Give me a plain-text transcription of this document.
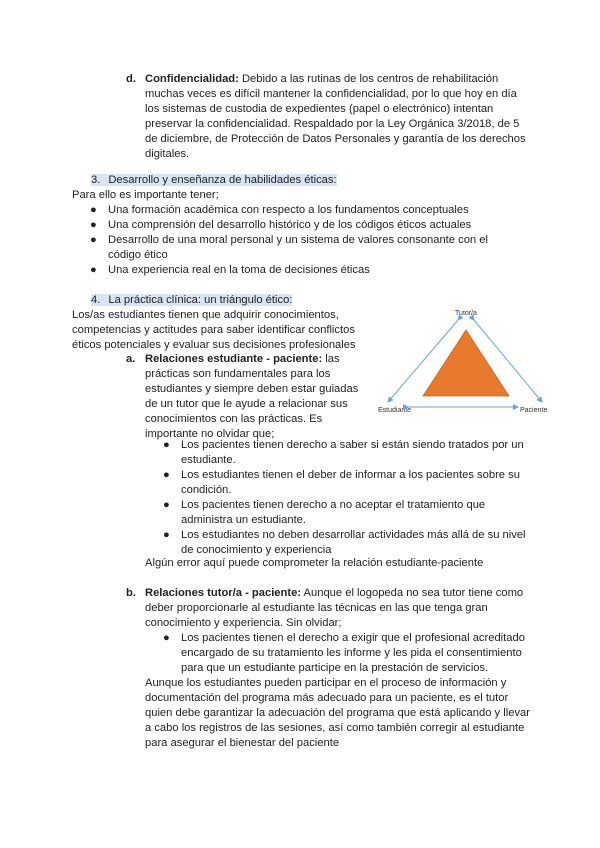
d. Confidencialidad: Debido a las rutinas de los centros de rehabilitación muchas veces es difícil mantener la confidencialidad, por lo que hoy en día los sistemas de custodia de expedientes (papel o electrónico) intentan preservar la confidencialidad. Respaldado por la Ley Orgánica 3/2018, de 5 de diciembre, de Protección de Datos Personales y garantía de los derechos digitales.

3. Desarrollo y enseñanza de habilidades éticas:
Para ello es importante tener;
● Una formación académica con respecto a los fundamentos conceptuales
● Una comprensión del desarrollo histórico y de los códigos éticos actuales
● Desarrollo de una moral personal y un sistema de valores consonante con el código ético
● Una experiencia real en la toma de decisiones éticas
4. La práctica clínica: un triángulo ético:

Los/as estudiantes tienen que adquirir conocimientos, competencias y actitudes para saber identificar conflictos éticos potenciales y evaluar sus decisiones profesionales

Tutor/a
Estudiante	Paciente
a. Relaciones estudiante - paciente: las prácticas son fundamentales para los estudiantes y siempre deben estar guiadas de un tutor que le ayude a relacionar sus conocimientos con las prácticas. Es importante no olvidar que;

● Los pacientes tienen derecho a saber si están siendo tratados por un estudiante.
● Los estudiantes tienen el deber de informar a los pacientes sobre su condición.
● Los pacientes tienen derecho a no aceptar el tratamiento que administra un estudiante.
● Los estudiantes no deben desarrollar actividades más allá de su nivel de conocimiento y experiencia
Algún error aquí puede comprometer la relación estudiante-paciente
b. Relaciones tutor/a - paciente: Aunque el logopeda no sea tutor tiene como deber proporcionarle al estudiante las técnicas en las que tenga gran conocimiento y experiencia. Sin olvidar;

● Los pacientes tienen el derecho a exigir que el profesional acreditado encargado de su tratamiento les informe y les pida el consentimiento para que un estudiante participe en la prestación de servicios.

Aunque los estudiantes pueden participar en el proceso de información y documentación del programa más adecuado para un paciente, es el tutor quien debe garantizar la adecuación del programa que está aplicando y llevar a cabo los registros de las sesiones, así como también corregir al estudiante para asegurar el bienestar del paciente
